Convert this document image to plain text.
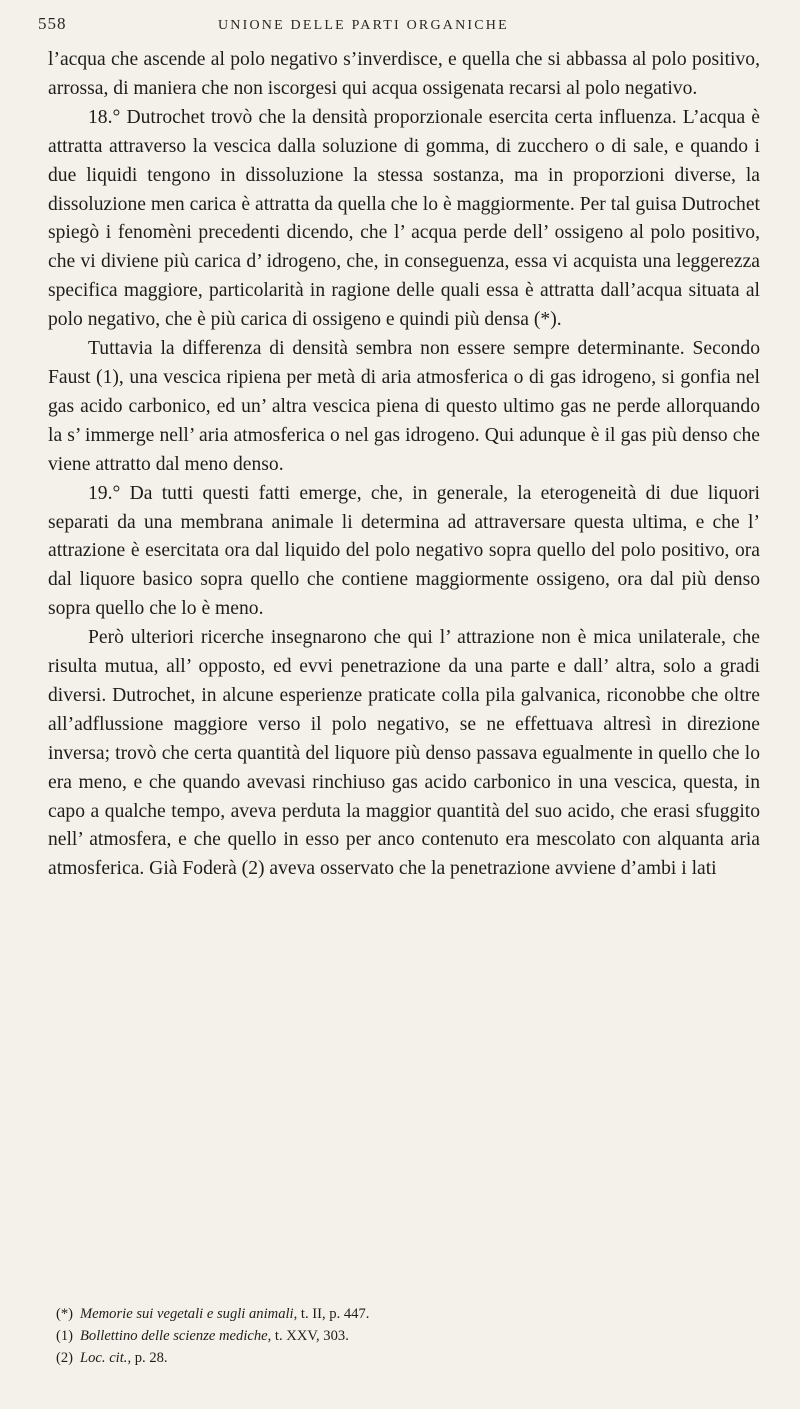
558	UNIONE DELLE PARTI ORGANICHE

l’acqua che ascende al polo negativo s’inverdisce, e quella che si abbassa al polo positivo, arrossa, di maniera che non iscorgesi qui acqua ossigenata recarsi al polo negativo.

18.° Dutrochet trovò che la densità proporzionale esercita certa influenza. L’acqua è attratta attraverso la vescica dalla soluzione di gomma, di zucchero o di sale, e quando i due liquidi tengono in dissoluzione la stessa sostanza, ma in proporzioni diverse, la dissoluzione men carica è attratta da quella che lo è maggiormente. Per tal guisa Dutrochet spiegò i fenomèni precedenti dicendo, che l’ acqua perde dell’ ossigeno al polo positivo, che vi diviene più carica d’ idrogeno, che, in conseguenza, essa vi acquista una leggerezza specifica maggiore, particolarità in ragione delle quali essa è attratta dall’acqua situata al polo negativo, che è più carica di ossigeno e quindi più densa (*).

Tuttavia la differenza di densità sembra non essere sempre determinante. Secondo Faust (1), una vescica ripiena per metà di aria atmosferica o di gas idrogeno, si gonfia nel gas acido carbonico, ed un’ altra vescica piena di questo ultimo gas ne perde allorquando la s’ immerge nell’ aria atmosferica o nel gas idrogeno. Qui adunque è il gas più denso che viene attratto dal meno denso.

19.° Da tutti questi fatti emerge, che, in generale, la eterogeneità di due liquori separati da una membrana animale li determina ad attraversare questa ultima, e che l’ attrazione è esercitata ora dal liquido del polo negativo sopra quello del polo positivo, ora dal liquore basico sopra quello che contiene maggiormente ossigeno, ora dal più denso sopra quello che lo è meno.

Però ulteriori ricerche insegnarono che qui l’ attrazione non è mica unilaterale, che risulta mutua, all’ opposto, ed evvi penetrazione da una parte e dall’ altra, solo a gradi diversi. Dutrochet, in alcune esperienze praticate colla pila galvanica, riconobbe che oltre all’adflussione maggiore verso il polo negativo, se ne effettuava altresì in direzione inversa; trovò che certa quantità del liquore più denso passava egualmente in quello che lo era meno, e che quando avevasi rinchiuso gas acido carbonico in una vescica, questa, in capo a qualche tempo, aveva perduta la maggior quantità del suo acido, che erasi sfuggito nell’ atmosfera, e che quello in esso per anco contenuto era mescolato con alquanta aria atmosferica. Già Foderà (2) aveva osservato che la penetrazione avviene d’ambi i lati

(*) Memorie sui vegetali e sugli animali, t. II, p. 447.
(1) Bollettino delle scienze mediche, t. XXV, 303.
(2) Loc. cit., p. 28.
